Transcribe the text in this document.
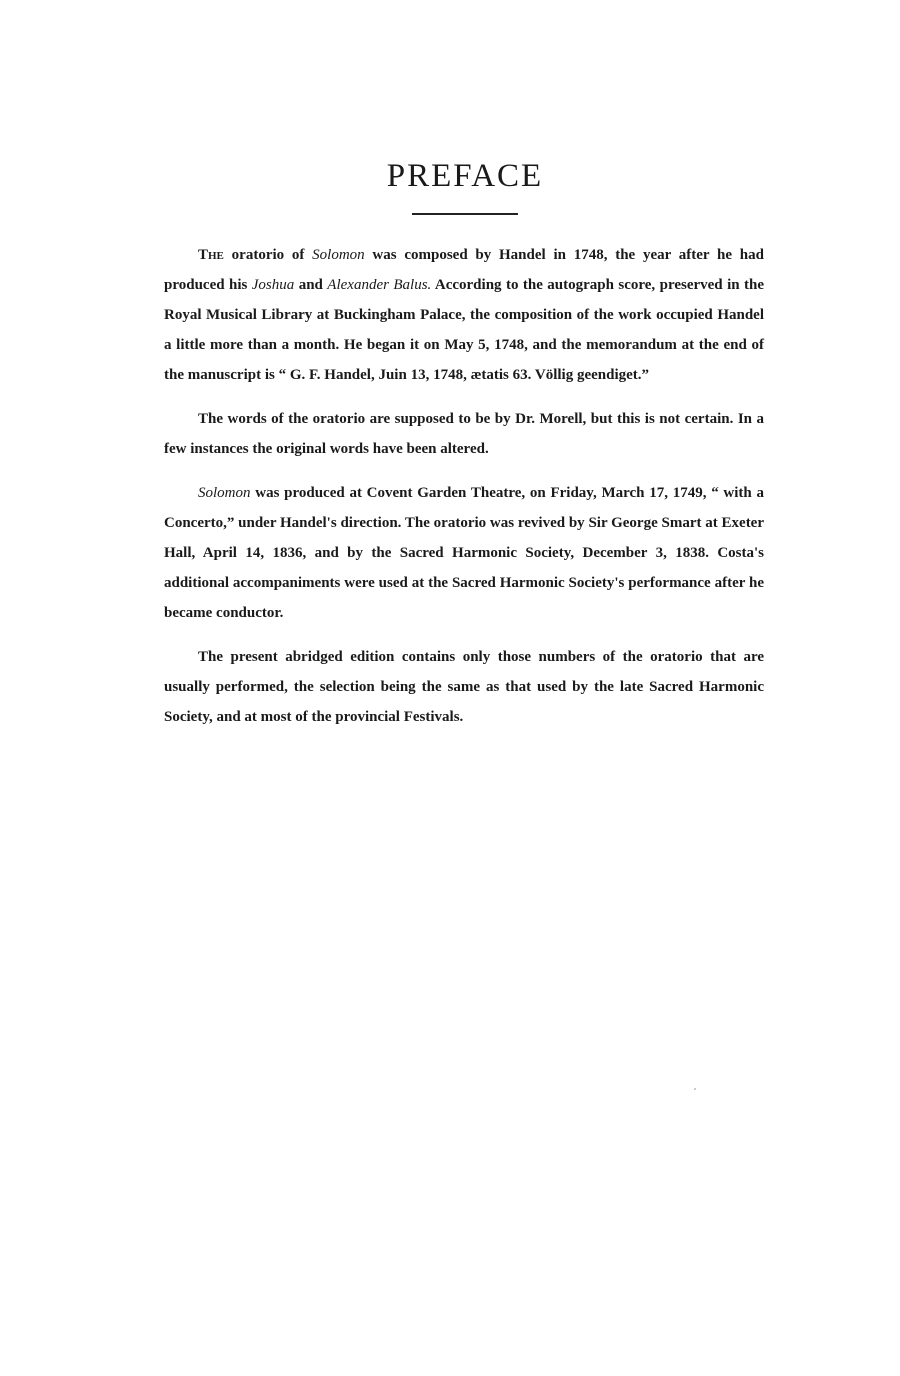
PREFACE

The oratorio of Solomon was composed by Handel in 1748, the year after he had produced his Joshua and Alexander Balus. According to the autograph score, preserved in the Royal Musical Library at Buckingham Palace, the composition of the work occupied Handel a little more than a month. He began it on May 5, 1748, and the memorandum at the end of the manuscript is “ G. F. Handel, Juin 13, 1748, ætatis 63. Völlig geendiget.”

The words of the oratorio are supposed to be by Dr. Morell, but this is not certain. In a few instances the original words have been altered.

Solomon was produced at Covent Garden Theatre, on Friday, March 17, 1749, “ with a Concerto,” under Handel's direction. The oratorio was revived by Sir George Smart at Exeter Hall, April 14, 1836, and by the Sacred Harmonic Society, December 3, 1838. Costa's additional accompaniments were used at the Sacred Harmonic Society's performance after he became conductor.

The present abridged edition contains only those numbers of the oratorio that are usually performed, the selection being the same as that used by the late Sacred Harmonic Society, and at most of the provincial Festivals.
